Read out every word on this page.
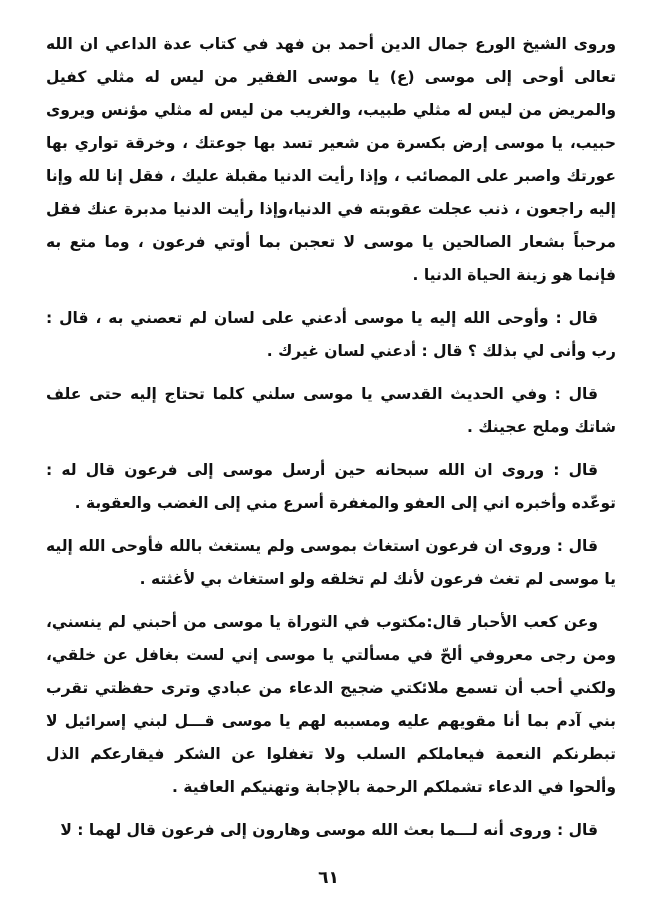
وروى الشيخ الورع جمال الدين أحمد بن فهد في كتاب عدة الداعي ان الله تعالى أوحى إلى موسى (ع) يا موسى الفقير من ليس له مثلي كفيل والمريض من ليس له مثلي طبيب، والغريب من ليس له مثلي مؤنس ويروى حبيب، يا موسى إرض بكسرة من شعير تسد بها جوعتك ، وخرقة تواري بها عورتك واصبر على المصائب ، وإذا رأيت الدنيا مقبلة عليك ، فقل إنا لله وإنا إليه راجعون ، ذنب عجلت عقوبته في الدنيا،وإذا رأيت الدنيا مدبرة عنك فقل مرحباً بشعار الصالحين يا موسى لا تعجبن بما أوتي فرعون ، وما متع به فإنما هو زينة الحياة الدنيا .

قال : وأوحى الله إليه يا موسى أدعني على لسان لم تعصني به ، قال : رب وأنى لي بذلك ؟ قال : أدعني لسان غيرك .

قال : وفي الحديث القدسي يا موسى سلني كلما تحتاج إليه حتى علف شاتك وملح عجينك .

قال : وروى ان الله سبحانه حين أرسل موسى إلى فرعون قال له : توعّده وأخبره اني إلى العفو والمغفرة أسرع مني إلى الغضب والعقوبة .

قال : وروى ان فرعون استغاث بموسى ولم يستغث بالله فأوحى الله إليه يا موسى لم تغث فرعون لأنك لم تخلقه ولو استغاث بي لأغثته .

وعن كعب الأحبار قال:مكتوب في التوراة يا موسى من أحبني لم ينسني، ومن رجى معروفي ألحّ في مسألتي يا موسى إني لست بغافل عن خلقي، ولكني أحب أن تسمع ملائكتي ضجيج الدعاء من عبادي وترى حفظتي تقرب بني آدم بما أنا مقويهم عليه ومسببه لهم يا موسى قـــل لبني إسرائيل لا تبطرنكم النعمة فيعاملكم السلب ولا تغفلوا عن الشكر فيقارعكم الذل وألحوا في الدعاء تشملكم الرحمة بالإجابة وتهنيكم العافية .

قال : وروى أنه لـــما بعث الله موسى وهارون إلى فرعون قال لهما : لا

٦١
